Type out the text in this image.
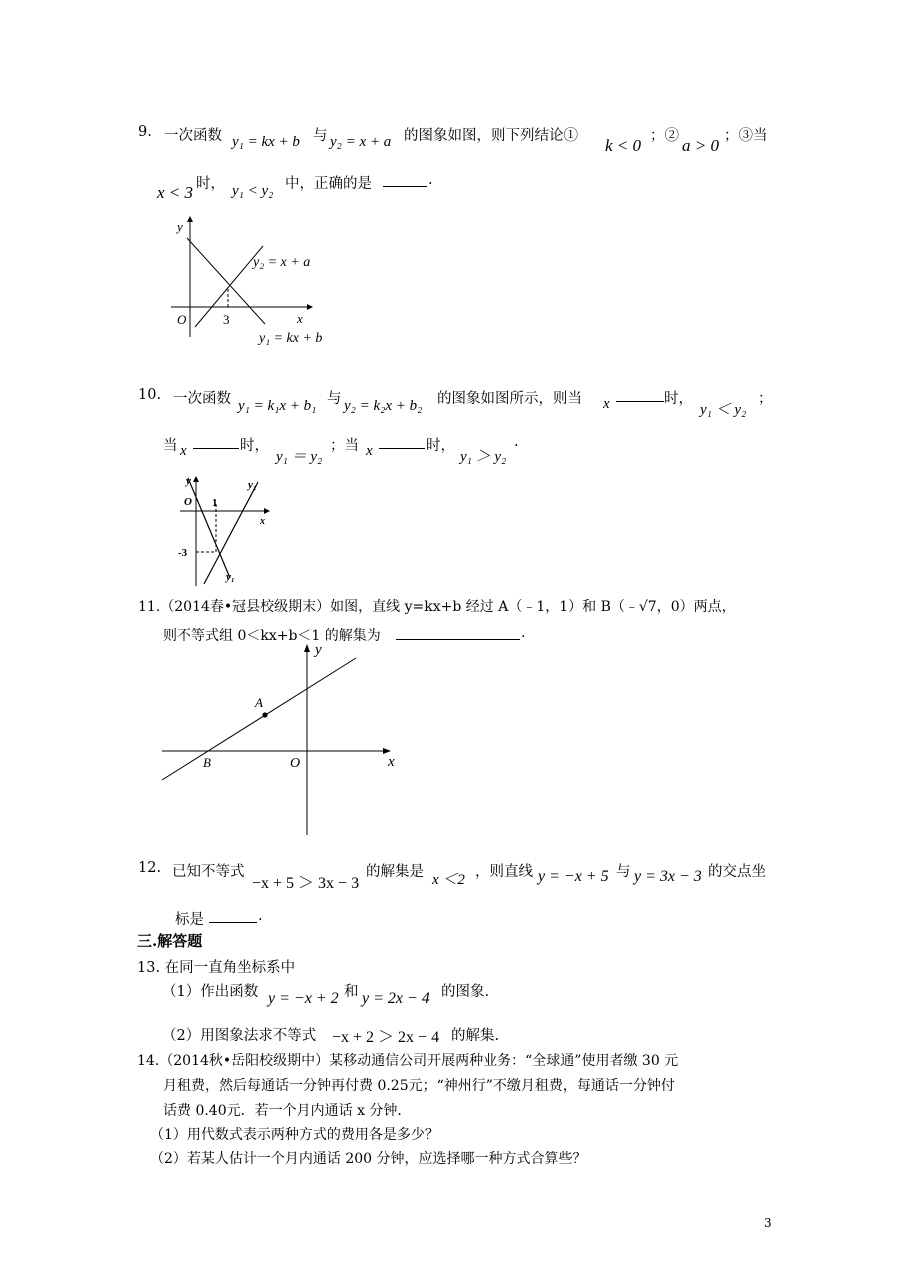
9. 一次函数 y₁ = kx + b 与 y₂ = x + a 的图象如图，则下列结论① k < 0 ；② a > 0 ；③当
x < 3 时， y₁ < y₂ 中，正确的是	.
y
x
O	3
y₂ = x + a
y₁ = kx + b
10. 一次函数 y₁ = k₁x + b₁ 与 y₂ = k₂x + b₂ 的图象如图所示，则当 x	时，
y₁ ＜ y₂
；
当 x	时，
y₁ ＝ y₂
；当 x	时，
y₁ ＞ y₂
.
y
x
O 1
-3
y₂
y₁
11.（2014春•冠县校级期末）如图，直线 y=kx+b 经过 A（﹣1，1）和 B（﹣√7，0）两点，
则不等式组 0＜kx+b＜1 的解集为	.
y
x
O
A
B
12. 已知不等式
−x + 5 ＞ 3x − 3
的解集是 x ＜2 ，则直线 y = −x + 5 与 y = 3x − 3 的交点坐
标是	.
三.解答题
13. 在同一直角坐标系中
（1）作出函数 y = −x + 2 和 y = 2x − 4 的图象.
（2）用图象法求不等式 −x + 2 ＞ 2x − 4 的解集.
14.（2014秋•岳阳校级期中）某移动通信公司开展两种业务：“全球通”使用者缴 30 元
月租费，然后每通话一分钟再付费 0.25元；“神州行”不缴月租费，每通话一分钟付
话费 0.40元．若一个月内通话 x 分钟．
（1）用代数式表示两种方式的费用各是多少？
（2）若某人估计一个月内通话 200 分钟，应选择哪一种方式合算些？
3
